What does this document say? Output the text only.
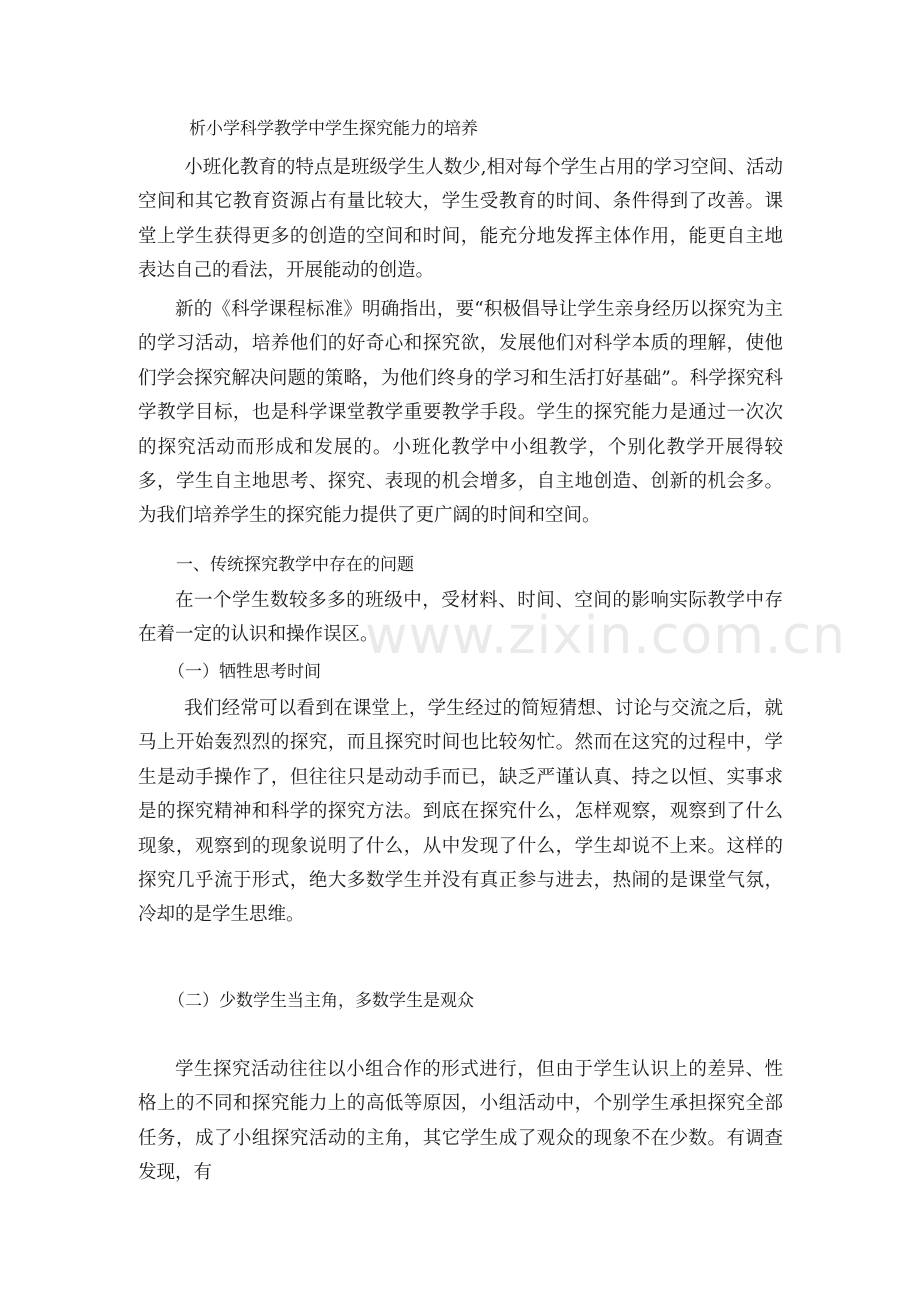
析小学科学教学中学生探究能力的培养

小班化教育的特点是班级学生人数少,相对每个学生占用的学习空间、活动空间和其它教育资源占有量比较大，学生受教育的时间、条件得到了改善。课堂上学生获得更多的创造的空间和时间，能充分地发挥主体作用，能更自主地表达自己的看法，开展能动的创造。

新的《科学课程标准》明确指出，要“积极倡导让学生亲身经历以探究为主的学习活动，培养他们的好奇心和探究欲，发展他们对科学本质的理解，使他们学会探究解决问题的策略，为他们终身的学习和生活打好基础”。科学探究科学教学目标，也是科学课堂教学重要教学手段。学生的探究能力是通过一次次的探究活动而形成和发展的。小班化教学中小组教学，个别化教学开展得较多，学生自主地思考、探究、表现的机会增多，自主地创造、创新的机会多。为我们培养学生的探究能力提供了更广阔的时间和空间。

一、传统探究教学中存在的问题

在一个学生数较多多的班级中，受材料、时间、空间的影响实际教学中存在着一定的认识和操作误区。

（一）牺牲思考时间

我们经常可以看到在课堂上，学生经过的简短猜想、讨论与交流之后，就马上开始轰烈烈的探究，而且探究时间也比较匆忙。然而在这究的过程中，学生是动手操作了，但往往只是动动手而已，缺乏严谨认真、持之以恒、实事求是的探究精神和科学的探究方法。到底在探究什么，怎样观察，观察到了什么现象，观察到的现象说明了什么，从中发现了什么，学生却说不上来。这样的探究几乎流于形式，绝大多数学生并没有真正参与进去，热闹的是课堂气氛，冷却的是学生思维。

（二）少数学生当主角，多数学生是观众

学生探究活动往往以小组合作的形式进行，但由于学生认识上的差异、性格上的不同和探究能力上的高低等原因，小组活动中，个别学生承担探究全部任务，成了小组探究活动的主角，其它学生成了观众的现象不在少数。有调查发现，有

www.zixin.com.cn
